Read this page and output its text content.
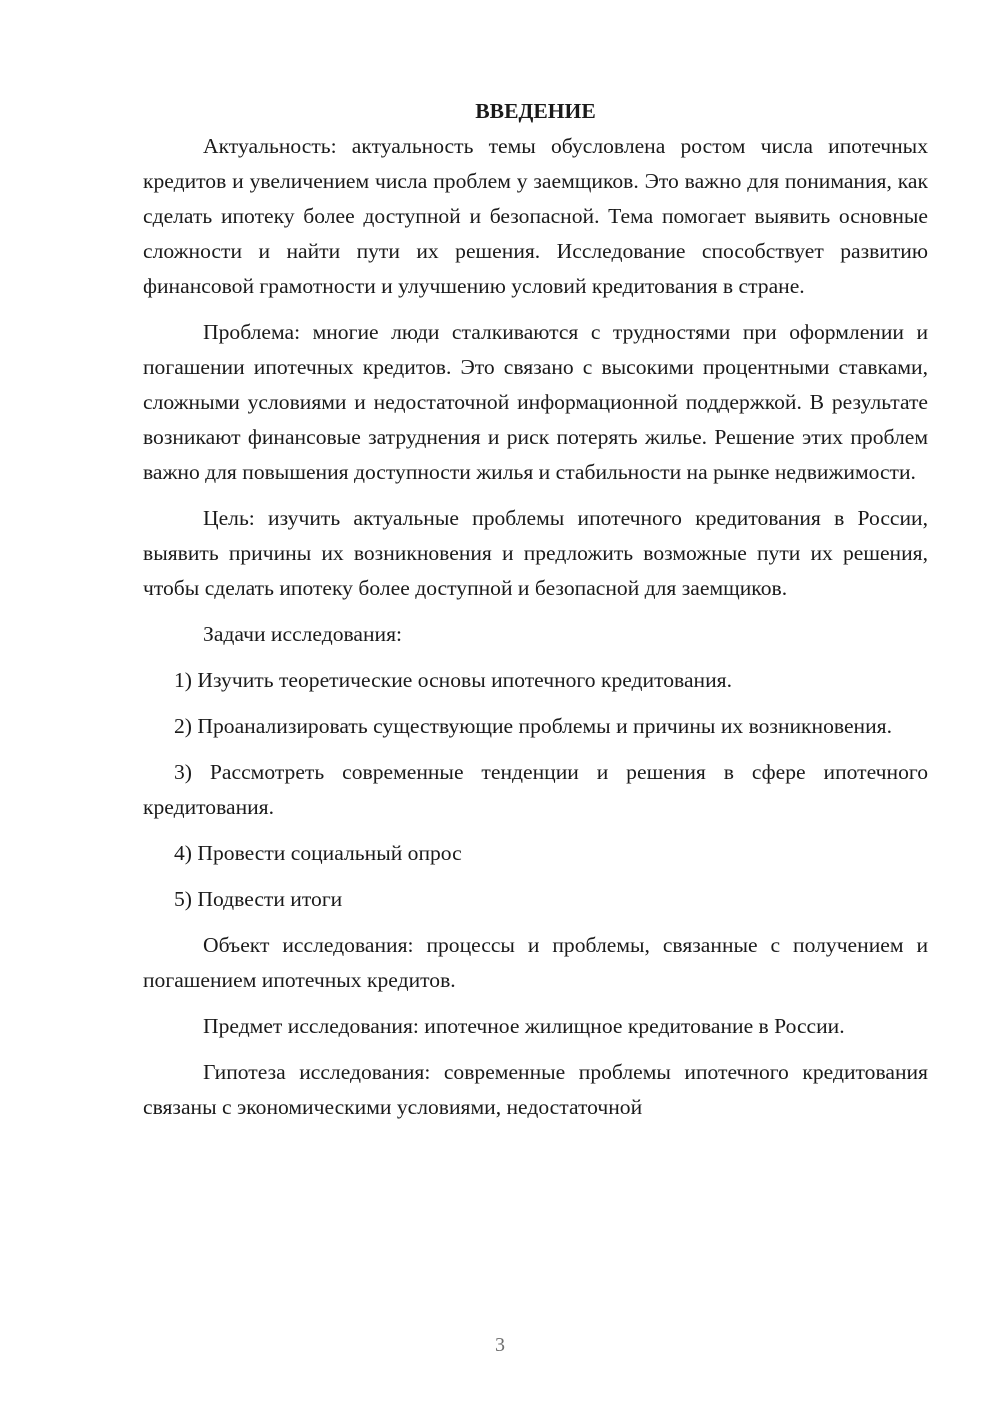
ВВЕДЕНИЕ

Актуальность: актуальность темы обусловлена ростом числа ипотечных кредитов и увеличением числа проблем у заемщиков. Это важно для понимания, как сделать ипотеку более доступной и безопасной. Тема помогает выявить основные сложности и найти пути их решения. Исследование способствует развитию финансовой грамотности и улучшению условий кредитования в стране.

Проблема: многие люди сталкиваются с трудностями при оформлении и погашении ипотечных кредитов. Это связано с высокими процентными ставками, сложными условиями и недостаточной информационной поддержкой. В результате возникают финансовые затруднения и риск потерять жилье. Решение этих проблем важно для повышения доступности жилья и стабильности на рынке недвижимости.

Цель: изучить актуальные проблемы ипотечного кредитования в России, выявить причины их возникновения и предложить возможные пути их решения, чтобы сделать ипотеку более доступной и безопасной для заемщиков.

Задачи исследования:

1) Изучить теоретические основы ипотечного кредитования.

2) Проанализировать существующие проблемы и причины их возникновения.

3) Рассмотреть современные тенденции и решения в сфере ипотечного кредитования.

4) Провести социальный опрос

5) Подвести итоги

Объект исследования: процессы и проблемы, связанные с получением и погашением ипотечных кредитов.

Предмет исследования: ипотечное жилищное кредитование в России.

Гипотеза исследования: современные проблемы ипотечного кредитования связаны с экономическими условиями, недостаточной

3
